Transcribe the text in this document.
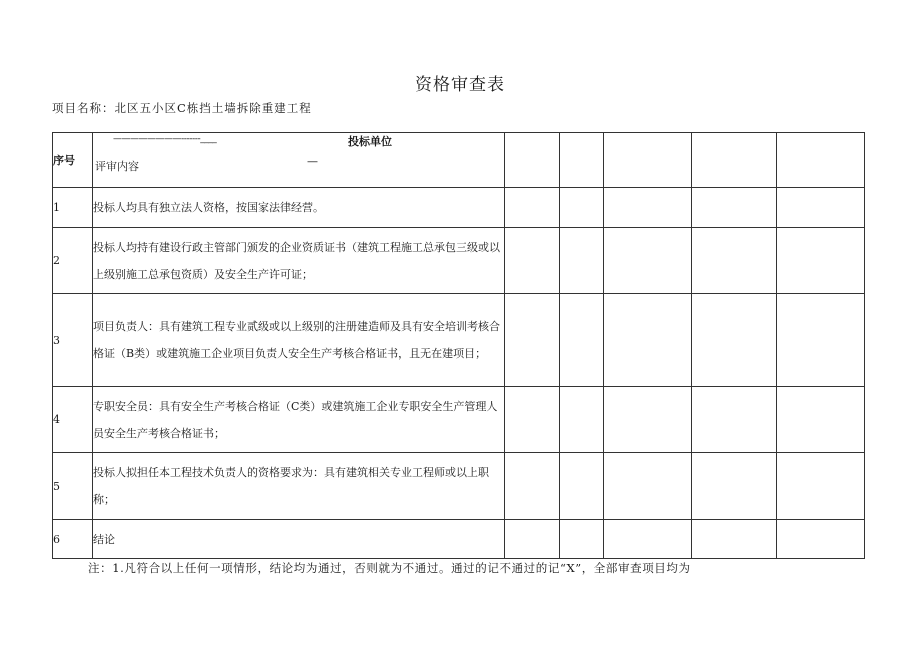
资格审查表
项目名称：北区五小区C栋挡土墙拆除重建工程
序号	————————-------____ 投标单位
评审内容 —					

1	投标人均具有独立法人资格，按国家法律经营。					
2	投标人均持有建设行政主管部门颁发的企业资质证书（建筑工程施工总承包三级或以上级别施工总承包资质）及安全生产许可证；					
3	项目负责人：具有建筑工程专业贰级或以上级别的注册建造师及具有安全培训考核合格证（B类）或建筑施工企业项目负责人安全生产考核合格证书，且无在建项目；					
4	专职安全员：具有安全生产考核合格证（C类）或建筑施工企业专职安全生产管理人员安全生产考核合格证书；					
5	投标人拟担任本工程技术负责人的资格要求为：具有建筑相关专业工程师或以上职称；					
6	结论					
注：1.凡符合以上任何一项情形，结论均为通过，否则就为不通过。通过的记不通过的记“X”，全部审查项目均为
